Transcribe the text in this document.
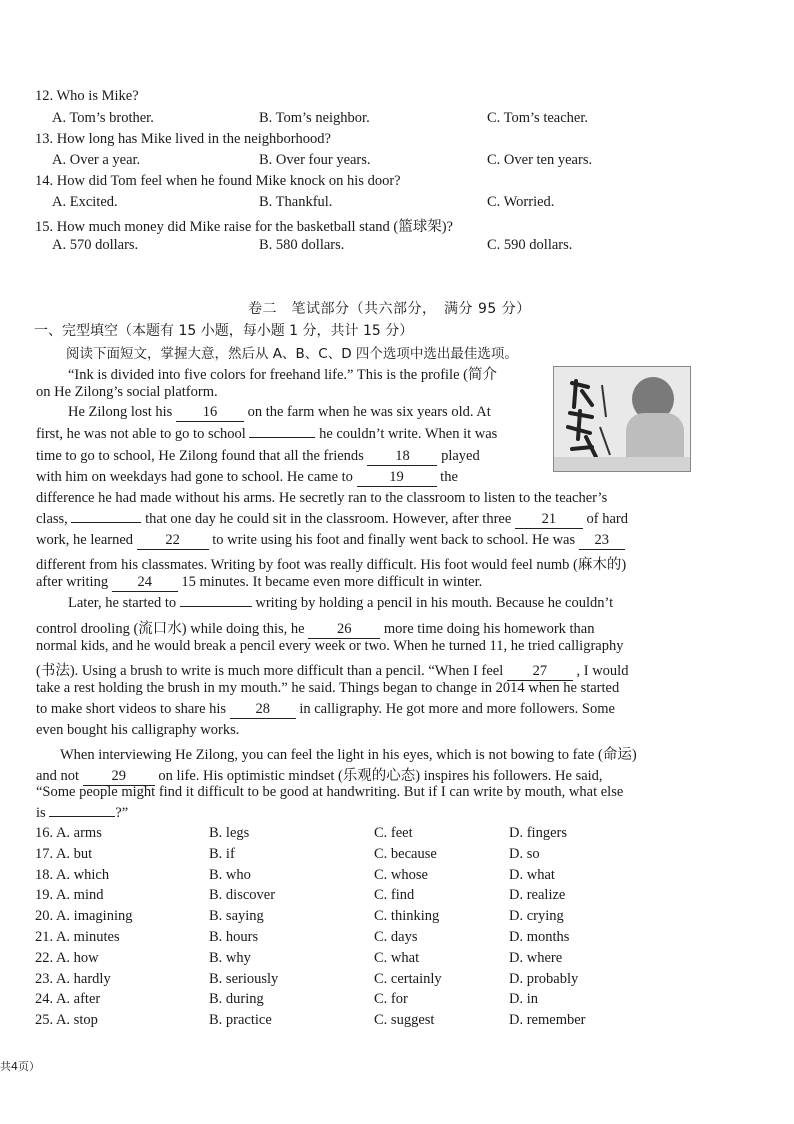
12. Who is Mike?
A. Tom’s brother.	B. Tom’s neighbor.	C. Tom’s teacher.
13. How long has Mike lived in the neighborhood?
A. Over a year.	B. Over four years.	C. Over ten years.
14. How did Tom feel when he found Mike knock on his door?
A. Excited.	B. Thankful.	C. Worried.
15. How much money did Mike raise for the basketball stand (篮球架)?
A. 570 dollars.	B. 580 dollars.	C. 590 dollars.
卷二　笔试部分（共六部分，　满分 95 分）
一、完型填空（本题有 15 小题，每小题 1 分，共计 15 分）
阅读下面短文，掌握大意，然后从 A、B、C、D 四个选项中选出最佳选项。
“Ink is divided into five colors for freehand life.” This is the profile (简介
on He Zilong’s social platform.
He Zilong lost his 16 on the farm when he was six years old. At
first, he was not able to go to school	he couldn’t write. When it was
time to go to school, He Zilong found that all the friends 18 played
with him on weekdays had gone to school. He came to	19	the
difference he had made without his arms. He secretly ran to the classroom to listen to the teacher’s
class,	that one day he could sit in the classroom. However, after three 21 of hard
work, he learned 22 to write using his foot and finally went back to school. He was 23
different from his classmates. Writing by foot was really difficult. His foot would feel numb (麻木的)
after writing 24 15 minutes. It became even more difficult in winter.
Later, he started to	writing by holding a pencil in his mouth. Because he couldn’t
control drooling (流口水) while doing this, he 26 more time doing his homework than
normal kids, and he would break a pencil every week or two. When he turned 11, he tried calligraphy
(书法). Using a brush to write is much more difficult than a pencil. “When I feel 27 , I would
take a rest holding the brush in my mouth.” he said. Things began to change in 2014 when he started
to make short videos to share his 28 in calligraphy. He got more and more followers. Some
even bought his calligraphy works.
When interviewing He Zilong, you can feel the light in his eyes, which is not bowing to fate (命运)
and not 29 on life. His optimistic mindset (乐观的心态) inspires his followers. He said,
“Some people might find it difficult to be good at handwriting. But if I can write by mouth, what else
is	?”
16. A. arms	B. legs	C. feet	D. fingers
17. A. but	B. if	C. because	D. so
18. A. which	B. who	C. whose	D. what
19. A. mind	B. discover	C. find	D. realize
20. A. imagining	B. saying	C. thinking	D. crying
21. A. minutes	B. hours	C. days	D. months
22. A. how	B. why	C. what	D. where
23. A. hardly	B. seriously	C. certainly	D. probably
24. A. after	B. during	C. for	D. in
25. A. stop	B. practice	C. suggest	D. remember
共4页）
